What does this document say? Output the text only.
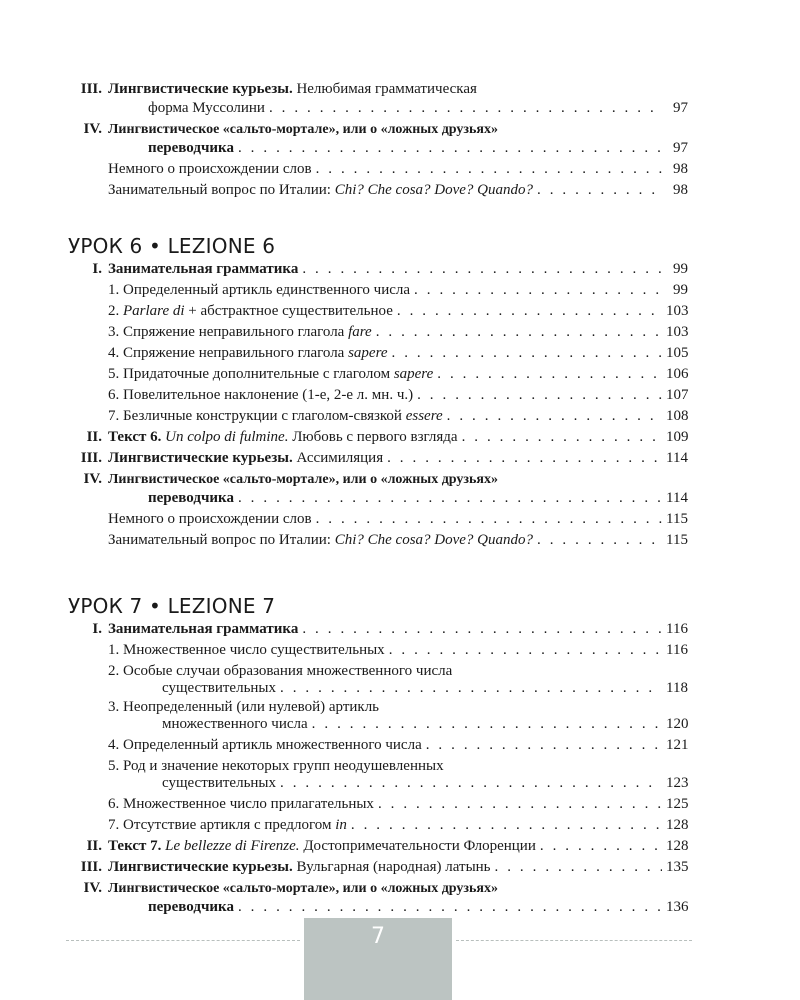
III. Лингвистические курьезы. Нелюбимая грамматическая
форма Муссолини . . .	97
IV. Лингвистическое «сальто-мортале», или о «ложных друзьях»
переводчика . . .	97
Немного о происхождении слов . . .	98
Занимательный вопрос по Италии: Chi? Che cosa? Dove? Quando? . . .	98
УРОК 6 • LEZIONE 6
I. Занимательная грамматика . . .	99
1. Определенный артикль единственного числа . . .	99
2. Parlare di + абстрактное существительное . . .	103
3. Спряжение неправильного глагола fare . . .	103
4. Спряжение неправильного глагола sapere . . .	105
5. Придаточные дополнительные с глаголом sapere . . .	106
6. Повелительное наклонение (1-е, 2-е л. мн. ч.) . . .	107
7. Безличные конструкции с глаголом-связкой essere . . .	108
II. Текст 6. Un colpo di fulmine. Любовь с первого взгляда . . .	109
III. Лингвистические курьезы. Ассимиляция . . .	114
IV. Лингвистическое «сальто-мортале», или о «ложных друзьях»
переводчика . . .	114
Немного о происхождении слов . . .	115
Занимательный вопрос по Италии: Chi? Che cosa? Dove? Quando? . . .	115
УРОК 7 • LEZIONE 7
I. Занимательная грамматика . . .	116
1. Множественное число существительных . . .	116
2. Особые случаи образования множественного числа
существительных . . .	118
3. Неопределенный (или нулевой) артикль
множественного числа . . .	120
4. Определенный артикль множественного числа . . .	121
5. Род и значение некоторых групп неодушевленных
существительных . . .	123
6. Множественное число прилагательных . . .	125
7. Отсутствие артикля с предлогом in . . .	128
II. Текст 7. Le bellezze di Firenze. Достопримечательности Флоренции . . .	128
III. Лингвистические курьезы. Вульгарная (народная) латынь . . .	135
IV. Лингвистическое «сальто-мортале», или о «ложных друзьях»
переводчика . . .	136
7
